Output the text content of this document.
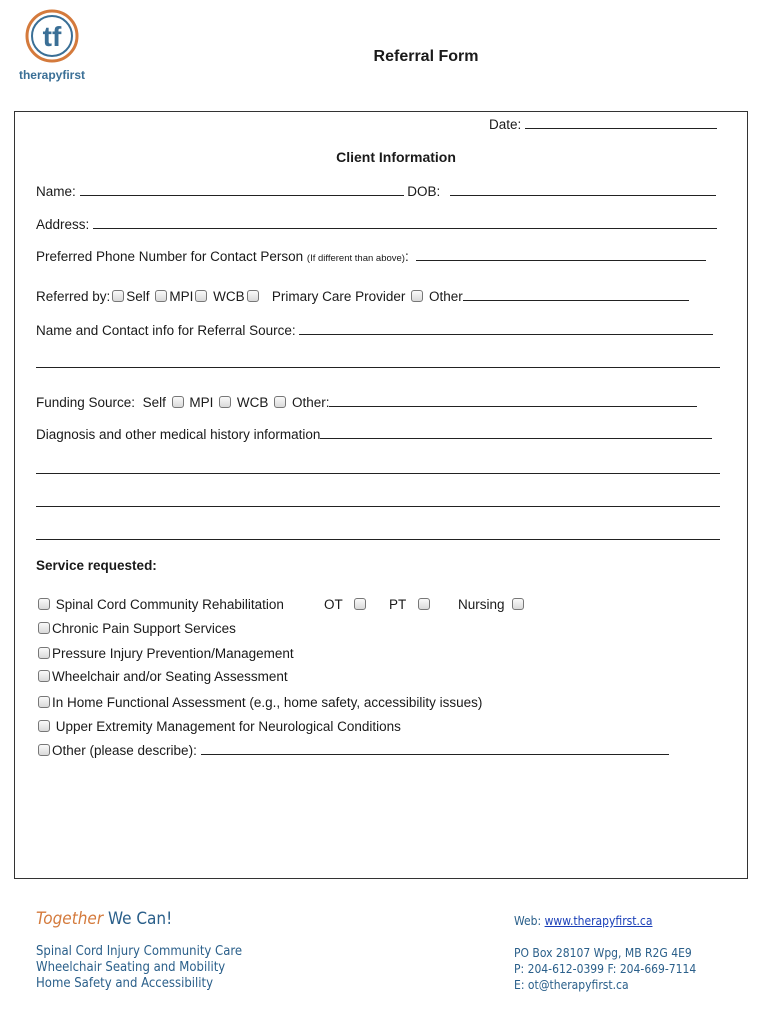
tf
therapyfirst
Referral Form
Date:
Client Information
Name:	DOB:
Address:
Preferred Phone Number for Contact Person (If different than above):
Referred by: Self MPI WCB Primary Care Provider Other
Name and Contact info for Referral Source:
Funding Source: Self MPI WCB Other:
Diagnosis and other medical history information
Service requested:
Spinal Cord Community Rehabilitation	OT	PT	Nursing
Chronic Pain Support Services
Pressure Injury Prevention/Management
Wheelchair and/or Seating Assessment
In Home Functional Assessment (e.g., home safety, accessibility issues)
Upper Extremity Management for Neurological Conditions
Other (please describe):
Together We Can!
Spinal Cord Injury Community Care
Wheelchair Seating and Mobility
Home Safety and Accessibility
Web: www.therapyfirst.ca
PO Box 28107 Wpg, MB R2G 4E9
P: 204-612-0399 F: 204-669-7114
E: ot@therapyfirst.ca
